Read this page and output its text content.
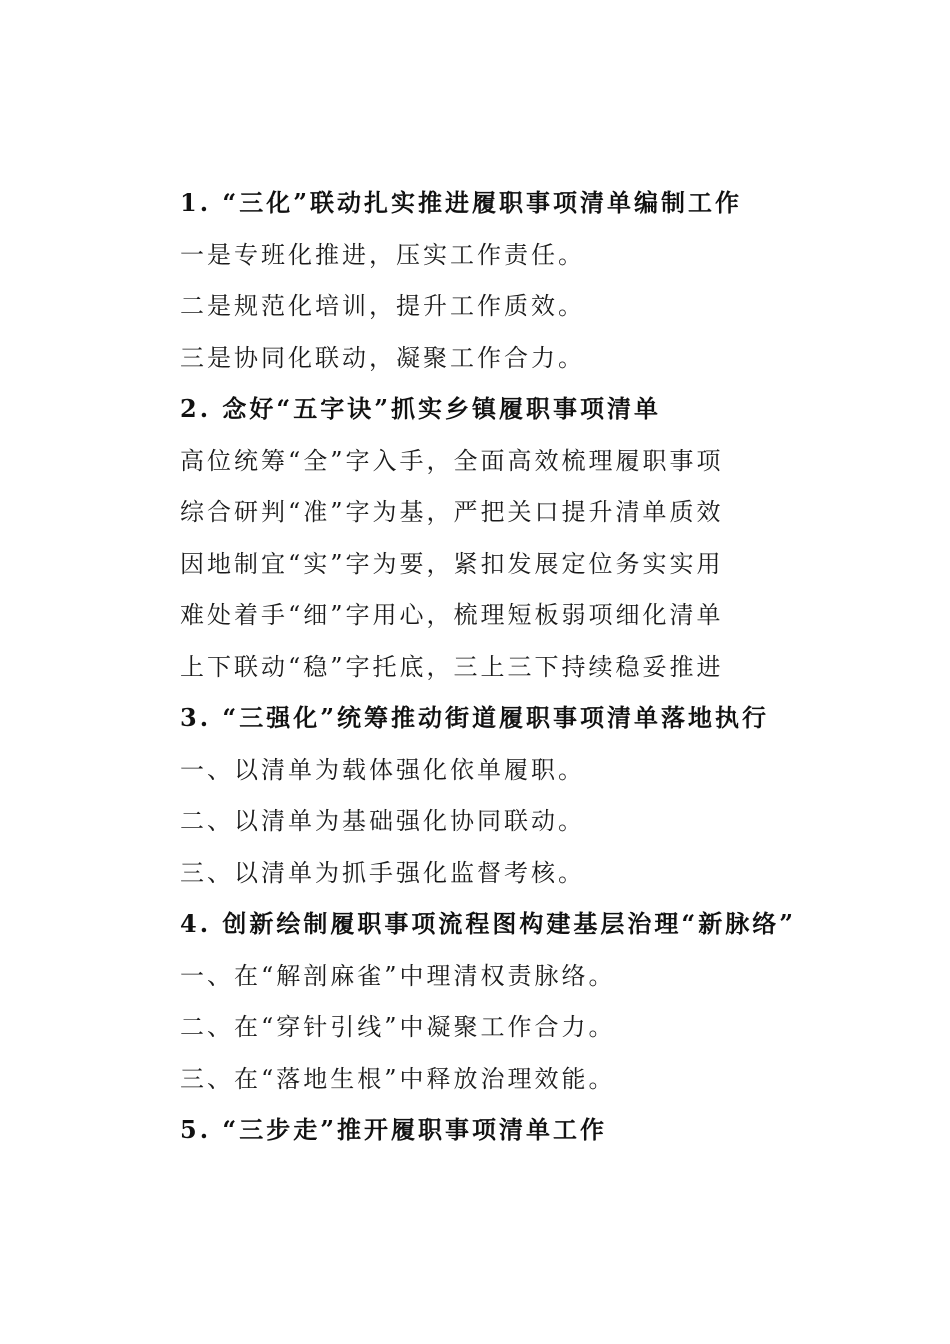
1. “三化”联动扎实推进履职事项清单编制工作
一是专班化推进，压实工作责任。
二是规范化培训，提升工作质效。
三是协同化联动，凝聚工作合力。
2. 念好“五字诀”抓实乡镇履职事项清单
高位统筹“全”字入手，全面高效梳理履职事项
综合研判“准”字为基，严把关口提升清单质效
因地制宜“实”字为要，紧扣发展定位务实实用
难处着手“细”字用心，梳理短板弱项细化清单
上下联动“稳”字托底，三上三下持续稳妥推进
3. “三强化”统筹推动街道履职事项清单落地执行
一、以清单为载体强化依单履职。
二、以清单为基础强化协同联动。
三、以清单为抓手强化监督考核。
4. 创新绘制履职事项流程图构建基层治理“新脉络”
一、在“解剖麻雀”中理清权责脉络。
二、在“穿针引线”中凝聚工作合力。
三、在“落地生根”中释放治理效能。
5. “三步走”推开履职事项清单工作
